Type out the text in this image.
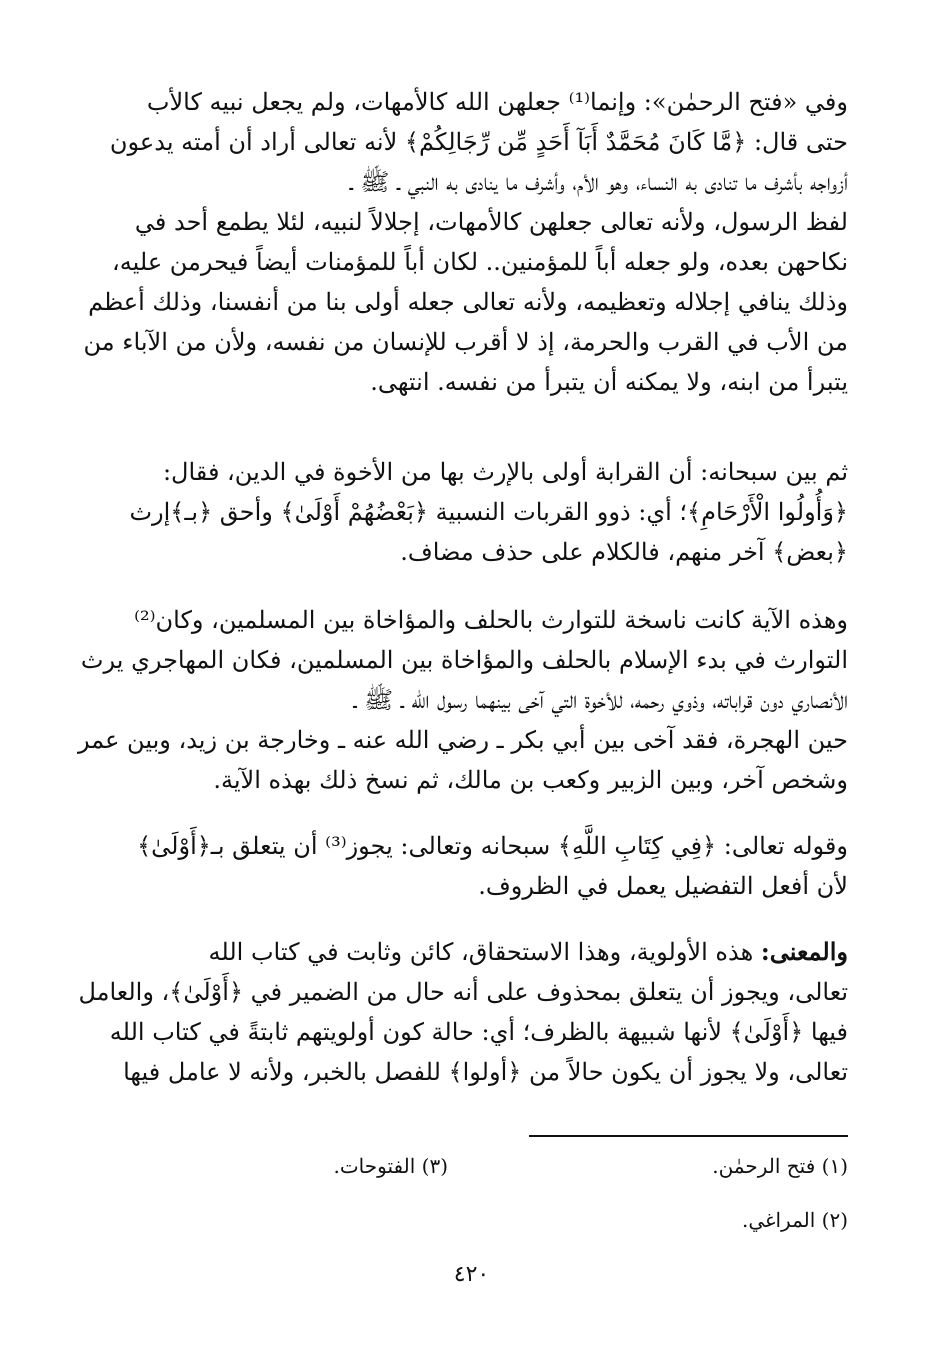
وفي «فتح الرحمٰن»: وإنما⁽¹⁾ جعلهن الله كالأمهات، ولم يجعل نبيه كالأب
حتى قال: ﴿مَّا كَانَ مُحَمَّدٌ أَبَآ أَحَدٍ مِّن رِّجَالِكُمْ﴾ لأنه تعالى أراد أن أمته يدعون
أزواجه بأشرف ما تنادى به النساء، وهو الأم، وأشرف ما ينادى به النبي ـ ﷺ ـ
لفظ الرسول، ولأنه تعالى جعلهن كالأمهات، إجلالاً لنبيه، لئلا يطمع أحد في
نكاحهن بعده، ولو جعله أباً للمؤمنين.. لكان أباً للمؤمنات أيضاً فيحرمن عليه،
وذلك ينافي إجلاله وتعظيمه، ولأنه تعالى جعله أولى بنا من أنفسنا، وذلك أعظم
من الأب في القرب والحرمة، إذ لا أقرب للإنسان من نفسه، ولأن من الآباء من
يتبرأ من ابنه، ولا يمكنه أن يتبرأ من نفسه. انتهى.

ثم بين سبحانه: أن القرابة أولى بالإرث بها من الأخوة في الدين، فقال:
﴿وَأُولُوا الْأَرْحَامِ﴾؛ أي: ذوو القربات النسبية ﴿بَعْضُهُمْ أَوْلَىٰ﴾ وأحق ﴿بـ﴾إرث
﴿بعض﴾ آخر منهم، فالكلام على حذف مضاف.

وهذه الآية كانت ناسخة للتوارث بالحلف والمؤاخاة بين المسلمين، وكان⁽²⁾
التوارث في بدء الإسلام بالحلف والمؤاخاة بين المسلمين، فكان المهاجري يرث
الأنصاري دون قراباته، وذوي رحمه، للأخوة التي آخى بينهما رسول الله ـ ﷺ ـ
حين الهجرة، فقد آخى بين أبي بكر ـ رضي الله عنه ـ وخارجة بن زيد، وبين عمر
وشخص آخر، وبين الزبير وكعب بن مالك، ثم نسخ ذلك بهذه الآية.

وقوله تعالى: ﴿فِي كِتَابِ اللَّهِ﴾ سبحانه وتعالى: يجوز⁽³⁾ أن يتعلق بـ﴿أَوْلَىٰ﴾
لأن أفعل التفضيل يعمل في الظروف.

والمعنى: هذه الأولوية، وهذا الاستحقاق، كائن وثابت في كتاب الله
تعالى، ويجوز أن يتعلق بمحذوف على أنه حال من الضمير في ﴿أَوْلَىٰ﴾، والعامل
فيها ﴿أَوْلَىٰ﴾ لأنها شبيهة بالظرف؛ أي: حالة كون أولويتهم ثابتةً في كتاب الله
تعالى، ولا يجوز أن يكون حالاً من ﴿أولوا﴾ للفصل بالخبر، ولأنه لا عامل فيها

(١) فتح الرحمٰن.
(٣) الفتوحات.
(٢) المراغي.
٤٢٠
